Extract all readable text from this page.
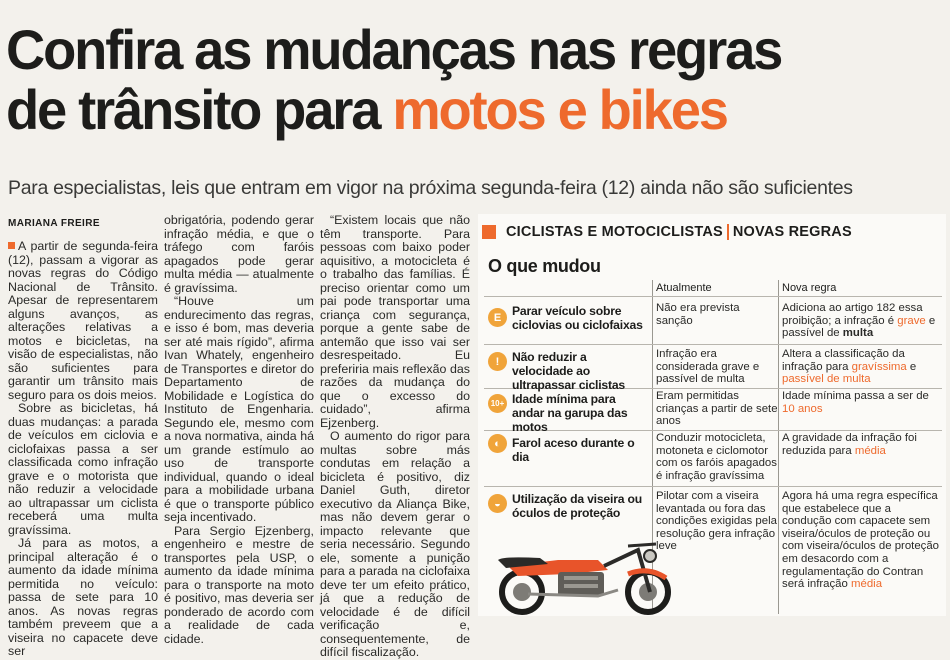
Confira as mudanças nas regras
de trânsito para motos e bikes
Para especialistas, leis que entram em vigor na próxima segunda-feira (12) ainda não são suficientes
MARIANA FREIRE

A partir de segunda-feira (12), passam a vigorar as novas regras do Código Nacional de Trânsito. Apesar de representarem alguns avanços, as alterações relativas a motos e bicicletas, na visão de especialistas, não são suficientes para garantir um trânsito mais seguro para os dois meios.

Sobre as bicicletas, há duas mudanças: a parada de veículos em ciclovia e ciclofaixas passa a ser classificada como infração grave e o motorista que não reduzir a velocidade ao ultrapassar um ciclista receberá uma multa gravíssima.

Já para as motos, a principal alteração é o aumento da idade mínima permitida no veículo: passa de sete para 10 anos. As novas regras também preveem que a viseira no capacete deve ser

obrigatória, podendo gerar infração média, e que o tráfego com faróis apagados pode gerar multa média — atualmente é gravíssima.

“Houve um endurecimento das regras, e isso é bom, mas deveria ser até mais rígido”, afirma Ivan Whately, engenheiro de Transportes e diretor do Departamento de Mobilidade e Logística do Instituto de Engenharia. Segundo ele, mesmo com a nova normativa, ainda há um grande estímulo ao uso de transporte individual, quando o ideal para a mobilidade urbana é que o transporte público seja incentivado.

Para Sergio Ejzenberg, engenheiro e mestre de transportes pela USP, o aumento da idade mínima para o transporte na moto é positivo, mas deveria ser ponderado de acordo com a realidade de cada cidade.

“Existem locais que não têm transporte. Para pessoas com baixo poder aquisitivo, a motocicleta é o trabalho das famílias. É preciso orientar como um pai pode transportar uma criança com segurança, porque a gente sabe de antemão que isso vai ser desrespeitado. Eu preferiria mais reflexão das razões da mudança do que o excesso do cuidado”, afirma Ejzenberg.

O aumento do rigor para multas sobre más condutas em relação a bicicleta é positivo, diz Daniel Guth, diretor executivo da Aliança Bike, mas não devem gerar o impacto relevante que seria necessário. Segundo ele, somente a punição para a parada na ciclofaixa deve ter um efeito prático, já que a redução de velocidade é de difícil verificação e, consequentemente, de difícil fiscalização.

CICLISTAS E MOTOCICLISTAS NOVAS REGRAS
O que mudou
Atualmente	Nova regra
E Parar veículo sobre ciclovias ou ciclofaixas
Não era prevista sanção
Adiciona ao artigo 182 essa proibição; a infração é grave e passível de multa
!	Não reduzir a velocidade ao ultrapassar ciclistas
Infração era considerada grave e passível de multa
Altera a classificação da infração para gravíssima e passível de multa
10+ Idade mínima para andar na garupa das motos
Eram permitidas crianças a partir de sete anos
Idade mínima passa a ser de 10 anos
◐ Farol aceso durante o dia
Conduzir motocicleta, motoneta e ciclomotor com os faróis apagados é infração gravíssima
A gravidade da infração foi reduzida para média
◒ Utilização da viseira ou óculos de proteção
Pilotar com a viseira levantada ou fora das condições exigidas pela resolução gera infração leve
Agora há uma regra específica que estabelece que a condução com capacete sem viseira/óculos de proteção ou com viseira/óculos de proteção em desacordo com a regulamentação do Contran será infração média
